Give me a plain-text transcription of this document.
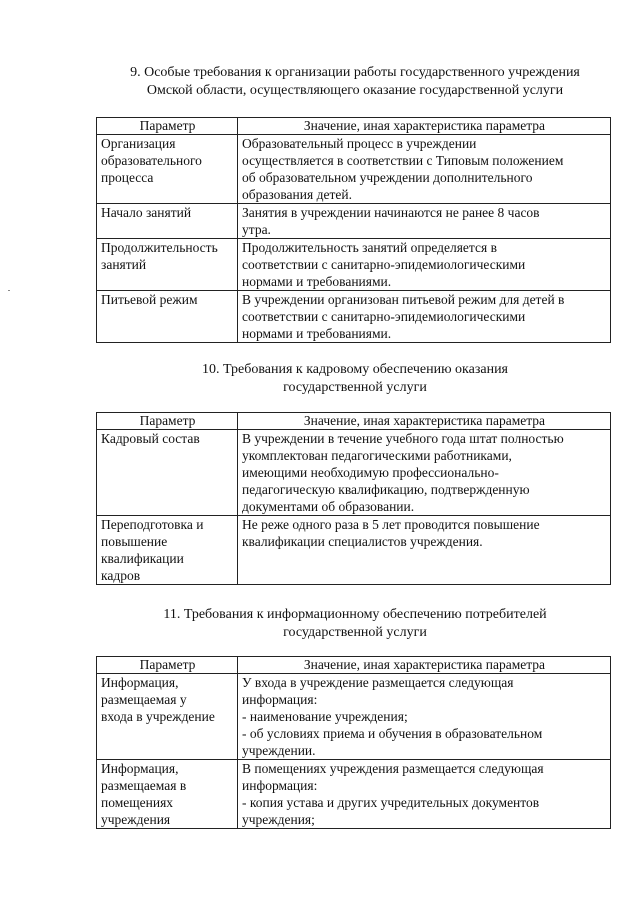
9. Особые требования к организации работы государственного учреждения
Омской области, осуществляющего оказание государственной услуги
Параметр	Значение, иная характеристика параметра

Организация
образовательного
процесса	Образовательный процесс в учреждении
осуществляется в соответствии с Типовым положением
об образовательном учреждении дополнительного
образования детей.

Начало занятий	Занятия в учреждении начинаются не ранее 8 часов
утра.

Продолжительность
занятий	Продолжительность занятий определяется в
соответствии с санитарно-эпидемиологическими
нормами и требованиями.

Питьевой режим	В учреждении организован питьевой режим для детей в
соответствии с санитарно-эпидемиологическими
нормами и требованиями.
10. Требования к кадровому обеспечению оказания
государственной услуги
Параметр	Значение, иная характеристика параметра

Кадровый состав	В учреждении в течение учебного года штат полностью
укомплектован педагогическими работниками,
имеющими необходимую профессионально-
педагогическую квалификацию, подтвержденную
документами об образовании.

Переподготовка и
повышение
квалификации
кадров	Не реже одного раза в 5 лет проводится повышение
квалификации специалистов учреждения.
11. Требования к информационному обеспечению потребителей
государственной услуги
Параметр	Значение, иная характеристика параметра

Информация,
размещаемая у
входа в учреждение	У входа в учреждение размещается следующая
информация:
- наименование учреждения;
- об условиях приема и обучения в образовательном
учреждении.

Информация,
размещаемая в
помещениях
учреждения	В помещениях учреждения размещается следующая
информация:
- копия устава и других учредительных документов
учреждения;
